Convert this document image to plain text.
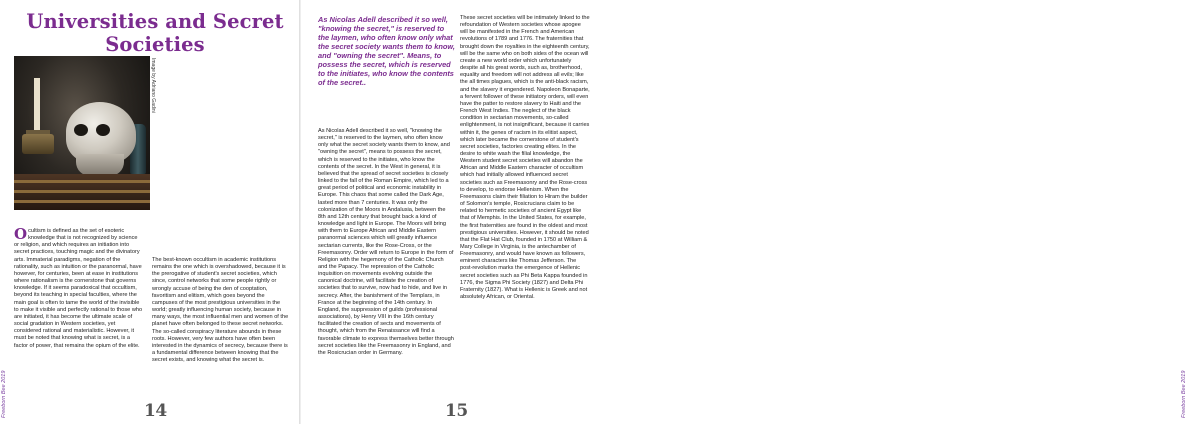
Freeborn Bee 2019	Freeborn Bee 2019
Universities and Secret Societies
Image by Adriano Gadini
Ocultism is defined as the set of esoteric knowledge that is not recognized by science or religion, and which requires an initiation into secret practices, touching magic and the divinatory arts. Immaterial paradigms, negation of the rationality, such as intuition or the paranormal, have however, for centuries, been at ease in institutions where rationalism is the cornerstone that governs knowledge. If it seems paradoxical that occultism, beyond its teaching in special faculties, where the main goal is often to tame the world of the invisible to make it visible and perfectly rational to those who are initiated, it has become the ultimate scale of social gradation in Western societies, yet considered rational and materialistic. However, it must be noted that knowing what is secret, is a factor of power, that remains the opium of the elite.
The best-known occultism in academic institutions remains the one which is overshadowed, because it is the prerogative of student's secret societies, which since, control networks that some people rightly or wrongly accuse of being the den of cooptation, favoritism and elitism, which goes beyond the campuses of the most prestigious universities in the world; greatly influencing human society, because in many ways, the most influential men and women of the planet have often belonged to these secret networks. The so-called conspiracy literature abounds in these roots. However, very few authors have often been interested in the dynamics of secrecy, because there is a fundamental difference between knowing that the secret exists, and knowing what the secret is.
14
As Nicolas Adell described it so well, "knowing the secret," is reserved to the laymen, who often know only what the secret society wants them to know, and "owning the secret". Means, to possess the secret, which is reserved to the initiates, who know the contents of the secret..
As Nicolas Adell described it so well, "knowing the secret," is reserved to the laymen, who often know only what the secret society wants them to know, and "owning the secret", means to possess the secret, which is reserved to the initiates, who know the contents of the secret. In the West in general, it is believed that the spread of secret societies is closely linked to the fall of the Roman Empire, which led to a great period of political and economic instability in Europe. This chaos that some called the Dark Age, lasted more than 7 centuries. It was only the colonization of the Moors in Andalusia, between the 8th and 12th century that brought back a kind of knowledge and light in Europe. The Moors will bring with them to Europe African and Middle Eastern paranormal sciences which will greatly influence sectarian currents, like the Rose-Cross, or the Freemasonry. Order will return to Europe in the form of Religion with the hegemony of the Catholic Church and the Papacy. The repression of the Catholic inquisition on movements evolving outside the canonical doctrine, will facilitate the creation of societies that to survive, now had to hide, and live in secrecy. After, the banishment of the Templars, in France at the beginning of the 14th century. In England, the suppression of guilds (professional associations), by Henry VIII in the 16th century facilitated the creation of sects and movements of thought, which from the Renaissance will find a favorable climate to express themselves better through secret societies like the Freemasonry in England, and the Rosicrucian order in Germany.
These secret societies will be intimately linked to the refoundation of Western societies whose apogee will be manifested in the French and American revolutions of 1789 and 1776. The fraternities that brought down the royalties in the eighteenth century, will be the same who on both sides of the ocean will create a new world order which unfortunately despite all his great words, such as, brotherhood, equality and freedom will not address all evils; like the all times plagues, which is the anti-black racism, and the slavery it engendered. Napoleon Bonaparte, a fervent follower of these initiatory orders, will even have the patter to restore slavery to Haiti and the French West Indies. The neglect of the black condition in sectarian movements, so-called enlightenment, is not insignificant, because it carries within it, the genes of racism in its elitist aspect, which later became the cornerstone of student's secret societies, factories creating elites. In the desire to white wash the filial knowledge, the Western student secret societies will abandon the African and Middle Eastern character of occultism which had initially allowed influenced secret societies such as Freemasonry and the Rose-cross to develop, to endorse Hellenism. When the Freemasons claim their filiation to Hiram the builder of Solomon's temple, Rosicrucians claim to be related to hermetic societies of ancient Egypt like that of Memphis. In the United States, for example, the first fraternities are found in the oldest and most prestigious universities. However, it should be noted that the Flat Hat Club, founded in 1750 at William & Mary College in Virginia, is the antechamber of Freemasonry, and would have known as followers, eminent characters like Thomas Jefferson. The post-revolution marks the emergence of Hellenic secret societies such as Phi Beta Kappa founded in 1776, the Sigma Phi Society (1827) and Delta Phi Fraternity (1827). What is Hellenic is Greek and not absolutely African, or Oriental.
15
